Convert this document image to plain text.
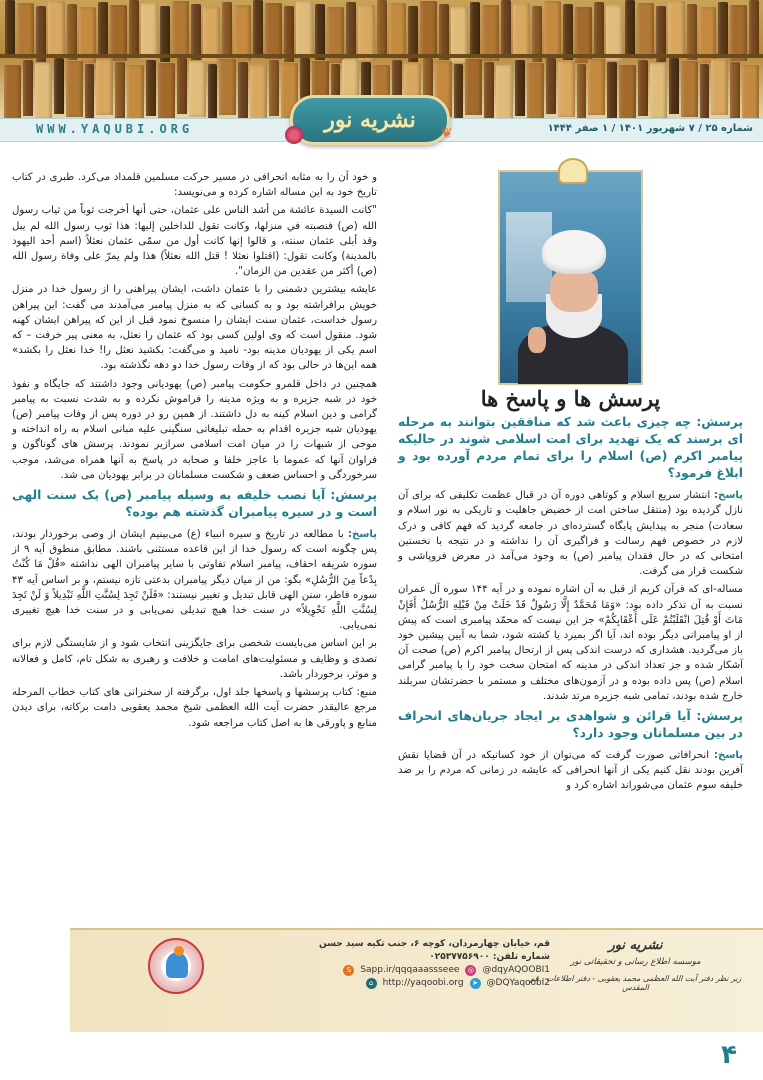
WWW.YAQUBI.ORG	شماره ۲۵ / ۷ شهریور ۱۴۰۱ / ۱ صفر ۱۴۴۴
نشریه نور
❦
پرسش ها و پاسخ ها
پرسش: چه چیزی باعث شد که منافقین بتوانند به مرحله ای برسند که یک تهدید برای امت اسلامی شوند در حالیکه پیامبر اکرم (ص) اسلام را برای تمام مردم آورده بود و ابلاغ فرمود؟
پاسخ: انتشار سریع اسلام و کوتاهی دوره آن در قبال عظمت تکلیفی که برای آن نازل گردیده بود (منتقل ساختن امت از خضیض جاهلیت و تاریکی به نور اسلام و سعادت) منجر به پیدایش پایگاه گسترده‌ای در جامعه گردید که فهم کافی و درک لازم در خصوص فهم رسالت و فراگیری آن را نداشته و در نتیجه با نخستین امتحانی که در حال فقدان پیامبر (ص) به وجود می‌آمد در معرض فروپاشی و شکست قرار می گرفت.
مساله‌-ای که قرآن کریم از قبل به آن اشاره نموده و در آیه ۱۴۴ سوره آل عمران نسبت به آن تذکر داده بود: «وَمَا مُحَمَّدٌ إِلَّا رَسُولٌ قَدْ خَلَتْ مِنْ قَبْلِهِ الرُّسُلُ أَفَإِنْ مَاتَ أَوْ قُتِلَ انْقَلَبْتُمْ عَلَى أَعْقَابِكُمْ» جز این نیست که محمّد پیامبری است که پیش از او پیامبرانی دیگر بوده اند، آیا اگر بمیرد یا کشته شود، شما به آیین پیشین خود باز می‌گردید. هشداری که درست اندکی پس از ارتحال پیامبر اکرم (ص) صحت آن آشکار شده و جز تعداد اندکی در مدینه که امتحان سخت خود را با پیامبر گرامی اسلام (ص) پس داده بوده و در آزمون‌های مختلف و مستمر با حضرتشان سربلند خارج شده بودند، تمامی شبه جزیره مرتد شدند.
پرسش: آیا قرائن و شواهدی بر ایجاد جریان‌های انحراف در بین مسلمانان وجود دارد؟
پاسخ: انحرافاتی صورت گرفت که می‌توان از خود کسانیکه در آن قضایا نقش آفرین بودند نقل کنیم یکی از آنها انحرافی که عایشه در زمانی که مردم را بر ضد خلیفه سوم عثمان می‌شوراند اشاره کرد و
و خود آن را به مثابه انحرافی در مسیر حرکت مسلمین قلمداد می‌کرد. طبری در کتاب تاریخ خود به این مساله اشاره کرده و می‌نویسد:
"كانت السيدة عائشة من أشد الناس على عثمان، حتى أنها أخرجت ثوباً من ثياب رسول الله (ص) فنصبته في منزلها، وكانت تقول للداخلين إليها: هذا ثوب رسول الله لم يبل وقد أبلى عثمان سنته، و قالوا إنها كانت أول من سمّى عثمان نعثلاً (اسم أحد اليهود بالمدينة) وكانت تقول: (اقتلوا نعثلا ! قتل الله نعثلاً) هذا ولم يمرّ على وفاة رسول الله (ص) أكثر من عقدين من الزمان".
عایشه بیشترین دشمنی را با عثمان داشت، ایشان پیراهنی را از رسول خدا در منزل خویش برافراشته بود و به کسانی که به منزل پیامبر می‌آمدند می گفت: این پیراهن رسول خداست، عثمان سنت ایشان را منسوخ نمود قبل از این که پیراهن ایشان کهنه شود. منقول است که وی اولین کسی بود که عثمان را نعثل، به معنی پیر خرفت – که اسم یکی از یهودیان مدینه بود- نامید و می‌گفت: بکشید نعثل را! خدا نعثل را بکشد» همه این‌ها در حالی بود که از وفات رسول خدا دو دهه نگذشته بود.
همچنین در داخل قلمرو حکومت پیامبر (ص) یهودیانی وجود داشتند که جایگاه و نفوذ خود در شبه جزیره و به ویژه مدینه را فراموش نکرده و به شدت نسبت به پیامبر گرامی و دین اسلام کینه به دل داشتند. از همین رو در دوره پس از وفات پیامبر (ص) یهودیان شبه جزیره اقدام به حمله تبلیغاتی سنگینی علیه مبانی اسلام به راه انداخته و موجی از شبهات را در میان امت اسلامی سرازیر نمودند. پرسش های گوناگون و فراوان آنها که عموما با عاجز خلفا و صحابه در پاسخ به آنها همراه می‌شد، موجب سرخوردگی و احساس ضعف و شکست مسلمانان در برابر یهودیان می شد.
پرسش: آیا نصب خلیفه به وسیله پیامبر (ص) یک سنت الهی است و در سیره پیامبران گذشته هم بوده؟
پاسخ: با مطالعه در تاریخ و سیره انبیاء (ع) می‌بینیم ایشان از وصی برخوردار بودند، پس چگونه است که رسول خدا از این قاعده مستثنی باشند. مطابق منطوق آیه ۹ از سوره شریفه احقاف، پیامبر اسلام تفاوتی با سایر پیامبران الهی نداشته «قُلْ مَا كُنْتُ بِدْعاً مِنَ الرُّسُلِ» بگو: من از میان دیگر پیامبران بدعتی تازه نیستم، و بر اساس آیه ۴۳ سوره فاطر، سنن الهی قابل تبدیل و تغییر نیستند: «فَلَنْ تَجِدَ لِسُنَّتِ اللَّهِ تَبْدِيلاً وَ لَنْ تَجِدَ لِسُنَّتِ اللَّهِ تَحْوِيلاً» در سنت خدا هیچ تبدیلی نمی‌یابی و در سنت خدا هیچ تغییری نمی‌یابی.
بر این اساس می‌بایست شخصی برای جایگزینی انتخاب شود و از شایستگی لازم برای تصدی و وظایف و مسئولیت‌های امامت و خلافت و رهبری به شکل تام، کامل و فعالانه و موثر، برخوردار باشد.
منبع: کتاب پرسشها و پاسخها جلد اول، برگرفته از سخنرانی های کتاب خطاب المرحله مرجع عالیقدر حضرت آیت الله العظمی شیخ محمد یعقوبی دامت برکاته، برای دیدن منابع و پاورقی ها به اصل کتاب مراجعه شود.
قم، خیابان چهارمردان، کوچه ۶، جنب تکیه سید حسن
شماره تلفن: ۰۲۵۳۷۷۵۶۹۰۰
S	Sapp.ir/qqqaaassseee	◎ @dqyAQOOBI1
⌂	http://yaqoobi.org	➤ @DQYaqoobi2
نشریه نور
موسسه اطلاع رسانی و تحقیقاتی نور
زیر نظر دفتر آیت الله العظمی محمد یعقوبی - دفتر اطلاعات ، قم المقدس
۴
